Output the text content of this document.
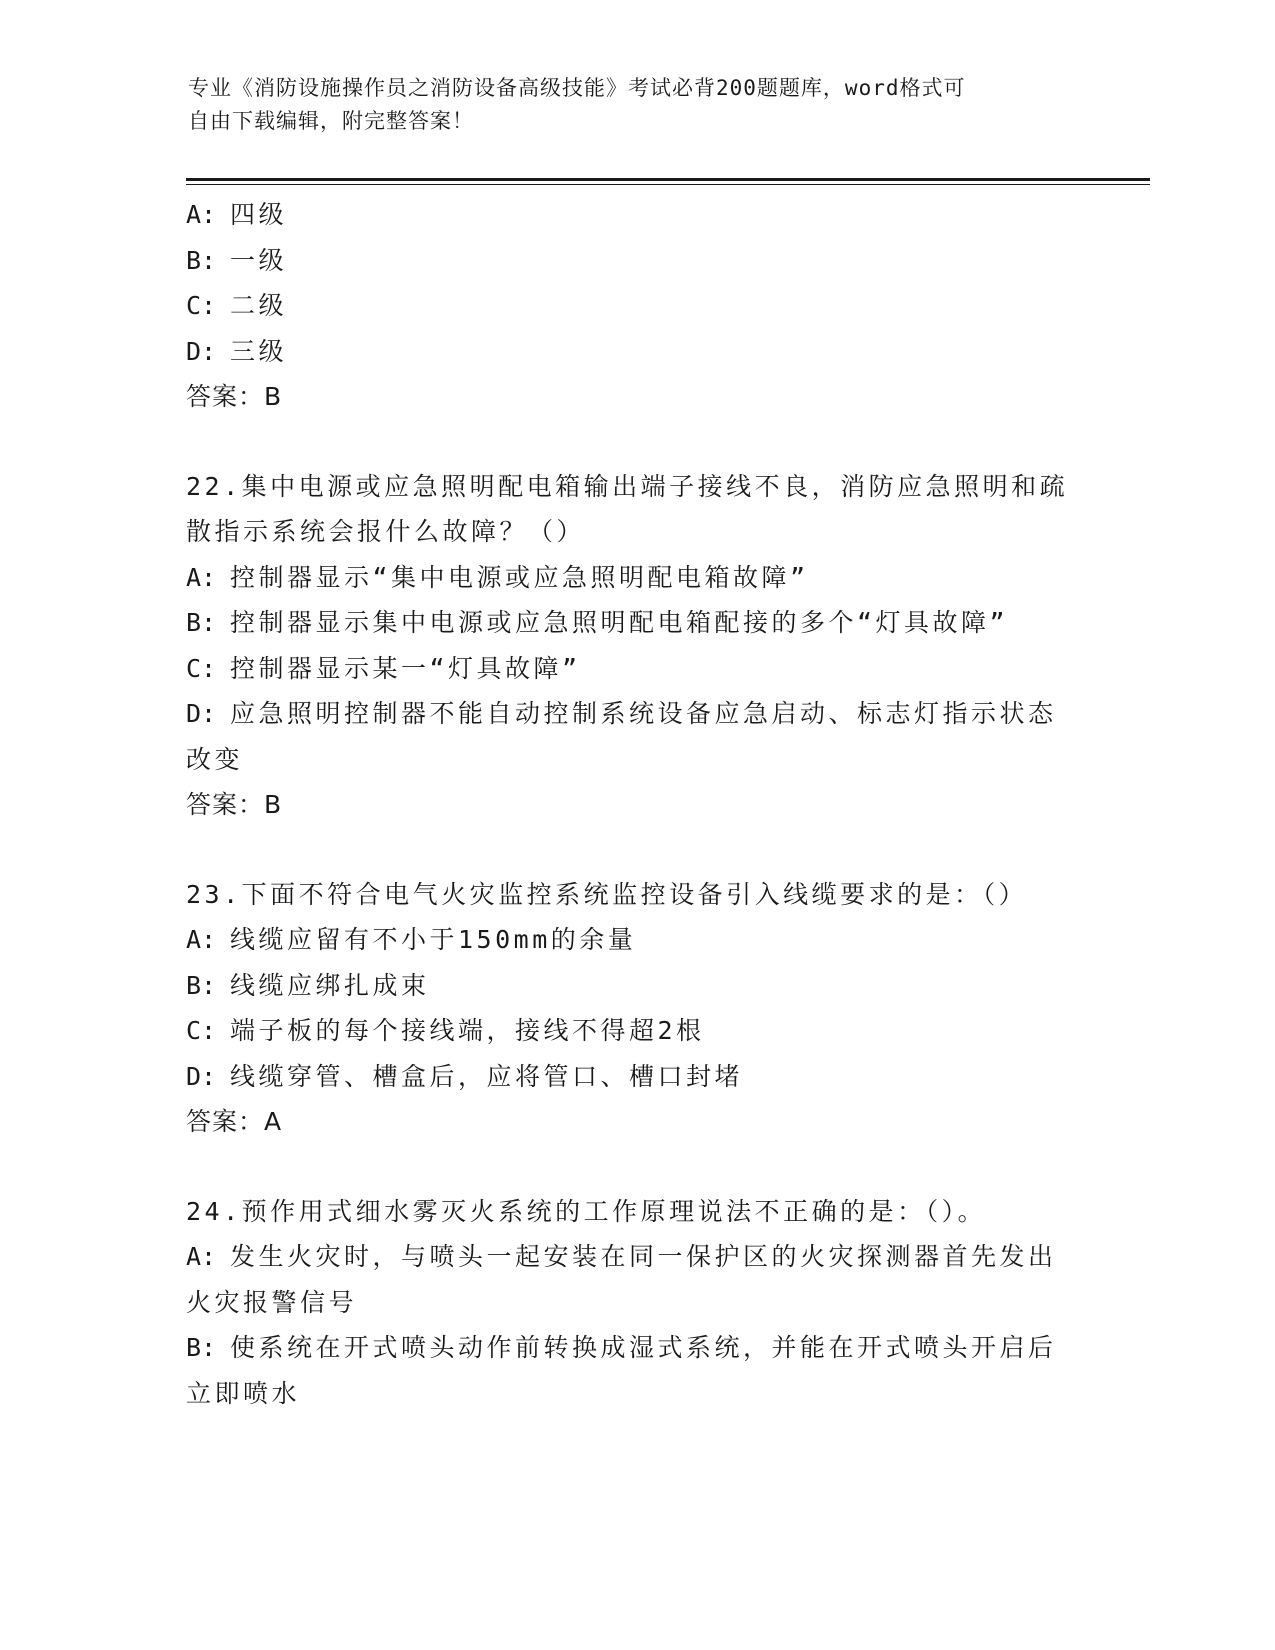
专业《消防设施操作员之消防设备高级技能》考试必背200题题库，word格式可
自由下载编辑，附完整答案！
A: 四级
B: 一级
C: 二级
D: 三级
答案：B
22.集中电源或应急照明配电箱输出端子接线不良，消防应急照明和疏
散指示系统会报什么故障？（）
A: 控制器显示“集中电源或应急照明配电箱故障”
B: 控制器显示集中电源或应急照明配电箱配接的多个“灯具故障”
C: 控制器显示某一“灯具故障”
D: 应急照明控制器不能自动控制系统设备应急启动、标志灯指示状态
改变
答案：B
23.下面不符合电气火灾监控系统监控设备引入线缆要求的是：（）
A: 线缆应留有不小于150mm的余量
B: 线缆应绑扎成束
C: 端子板的每个接线端，接线不得超2根
D: 线缆穿管、槽盒后，应将管口、槽口封堵
答案：A
24.预作用式细水雾灭火系统的工作原理说法不正确的是：（）。
A: 发生火灾时，与喷头一起安装在同一保护区的火灾探测器首先发出
火灾报警信号
B: 使系统在开式喷头动作前转换成湿式系统，并能在开式喷头开启后
立即喷水
